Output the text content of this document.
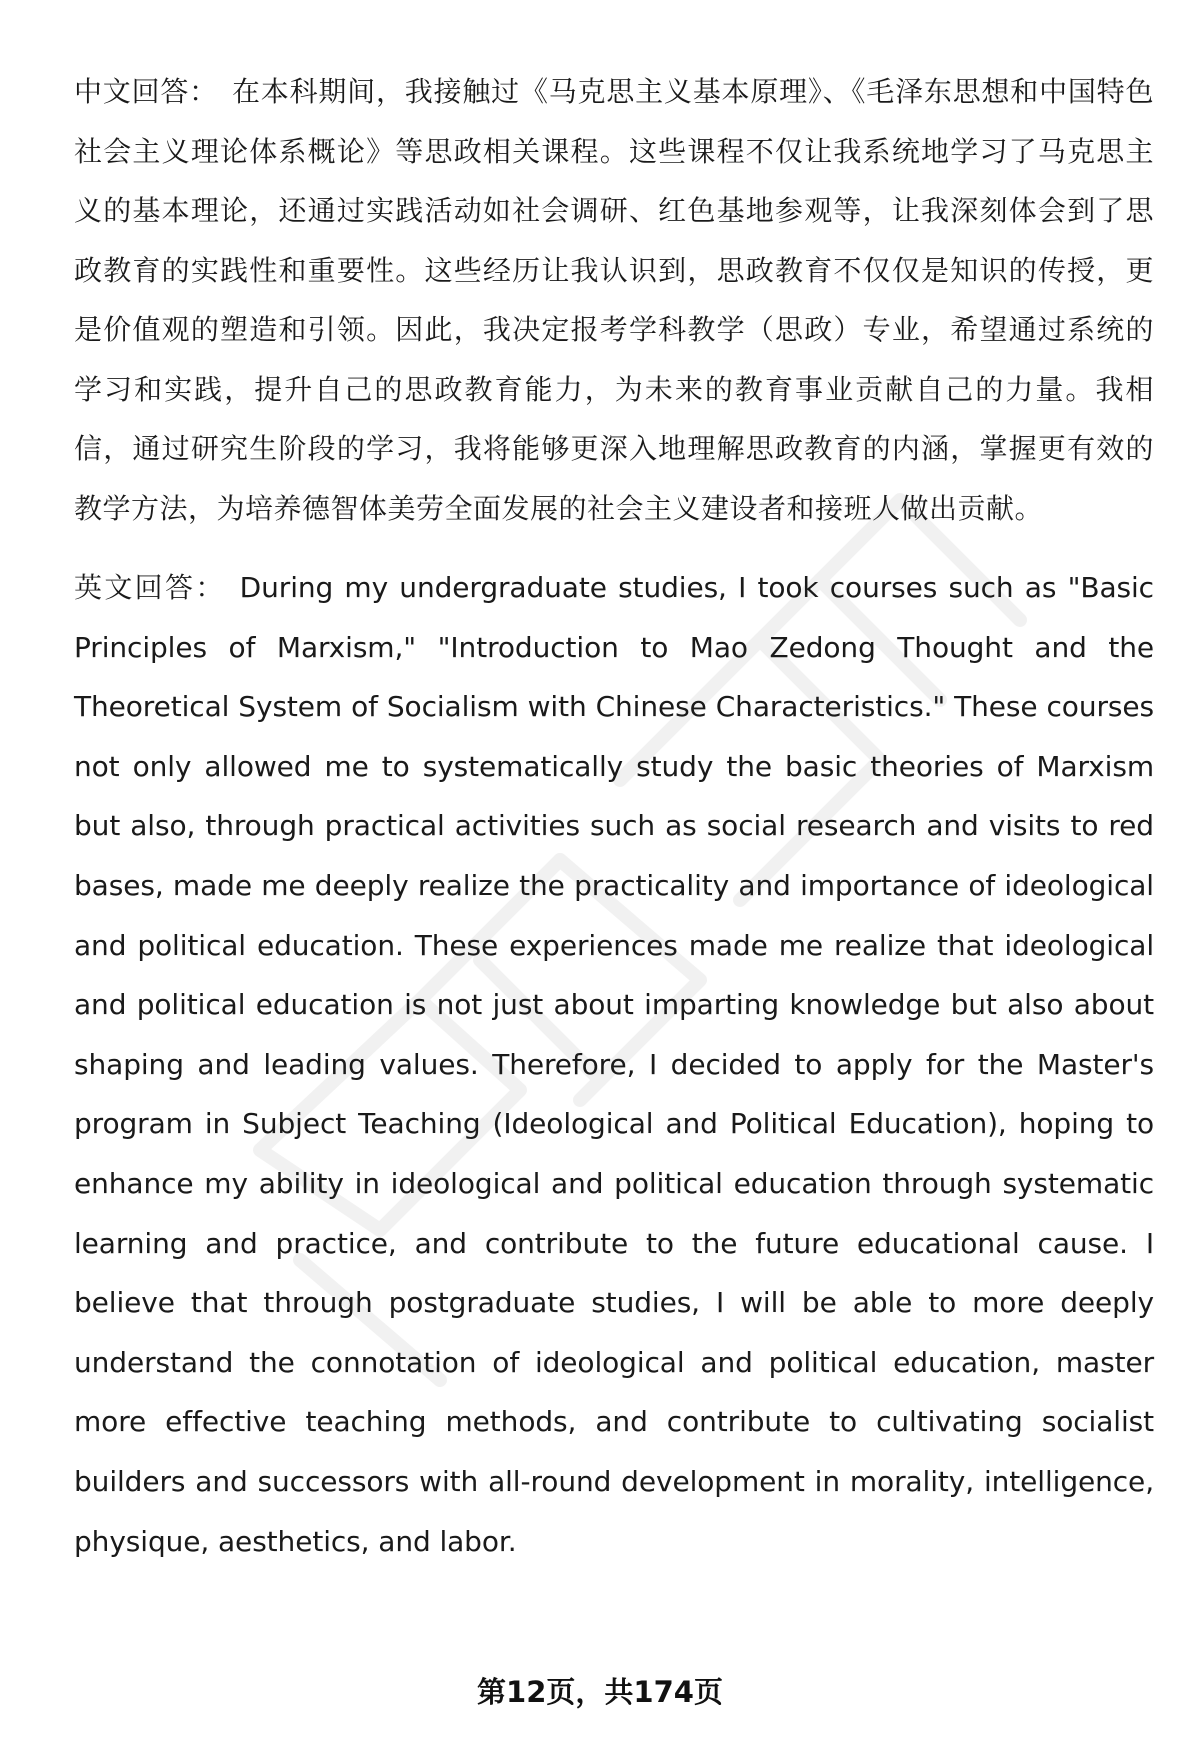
中文回答： 在本科期间，我接触过《马克思主义基本原理》、《毛泽东思想和中国特色社会主义理论体系概论》等思政相关课程。这些课程不仅让我系统地学习了马克思主义的基本理论，还通过实践活动如社会调研、红色基地参观等，让我深刻体会到了思政教育的实践性和重要性。这些经历让我认识到，思政教育不仅仅是知识的传授，更是价值观的塑造和引领。因此，我决定报考学科教学（思政）专业，希望通过系统的学习和实践，提升自己的思政教育能力，为未来的教育事业贡献自己的力量。我相信，通过研究生阶段的学习，我将能够更深入地理解思政教育的内涵，掌握更有效的教学方法，为培养德智体美劳全面发展的社会主义建设者和接班人做出贡献。

英文回答： During my undergraduate studies, I took courses such as "Basic Principles of Marxism," "Introduction to Mao Zedong Thought and the Theoretical System of Socialism with Chinese Characteristics." These courses not only allowed me to systematically study the basic theories of Marxism but also, through practical activities such as social research and visits to red bases, made me deeply realize the practicality and importance of ideological and political education. These experiences made me realize that ideological and political education is not just about imparting knowledge but also about shaping and leading values. Therefore, I decided to apply for the Master's program in Subject Teaching (Ideological and Political Education), hoping to enhance my ability in ideological and political education through systematic learning and practice, and contribute to the future educational cause. I believe that through postgraduate studies, I will be able to more deeply understand the connotation of ideological and political education, master more effective teaching methods, and contribute to cultivating socialist builders and successors with all-round development in morality, intelligence, physique, aesthetics, and labor.

第12页，共174页
